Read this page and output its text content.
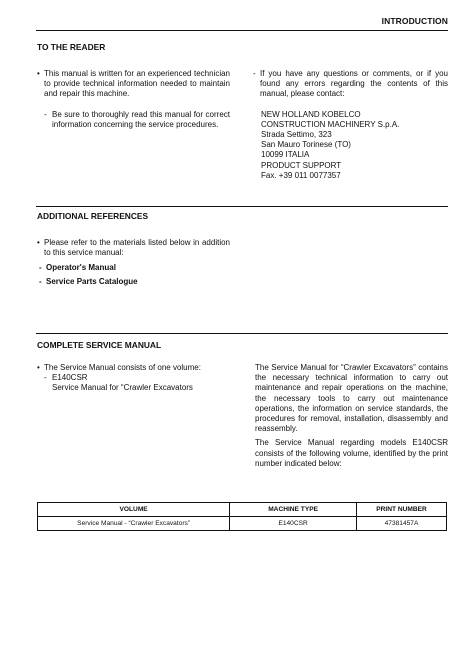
INTRODUCTION
TO THE READER
• This manual is written for an experienced technician to provide technical information needed to maintain and repair this machine.
- Be sure to thoroughly read this manual for correct information concerning the service procedures.
- If you have any questions or comments, or if you found any errors regarding the contents of this manual, please contact:
NEW HOLLAND KOBELCO
CONSTRUCTION MACHINERY S.p.A.
Strada Settimo, 323
San Mauro Torinese (TO)
10099 ITALIA
PRODUCT SUPPORT
Fax. +39 011 0077357
ADDITIONAL REFERENCES
• Please refer to the materials listed below in addition to this service manual:
- Operator's Manual
- Service Parts Catalogue
COMPLETE SERVICE MANUAL
• The Service Manual consists of one volume:
- E140CSR
Service Manual for “Crawler Excavators
The Service Manual for “Crawler Excavators” contains the necessary technical information to carry out maintenance and repair operations on the machine, the necessary tools to carry out maintenance operations, the information on service standards, the procedures for removal, installation, disassembly and reassembly.
The Service Manual regarding models E140CSR consists of the following volume, identified by the print number indicated below:
VOLUME	MACHINE TYPE	PRINT NUMBER
Service Manual - “Crawler Excavators”	E140CSR	47381457A
